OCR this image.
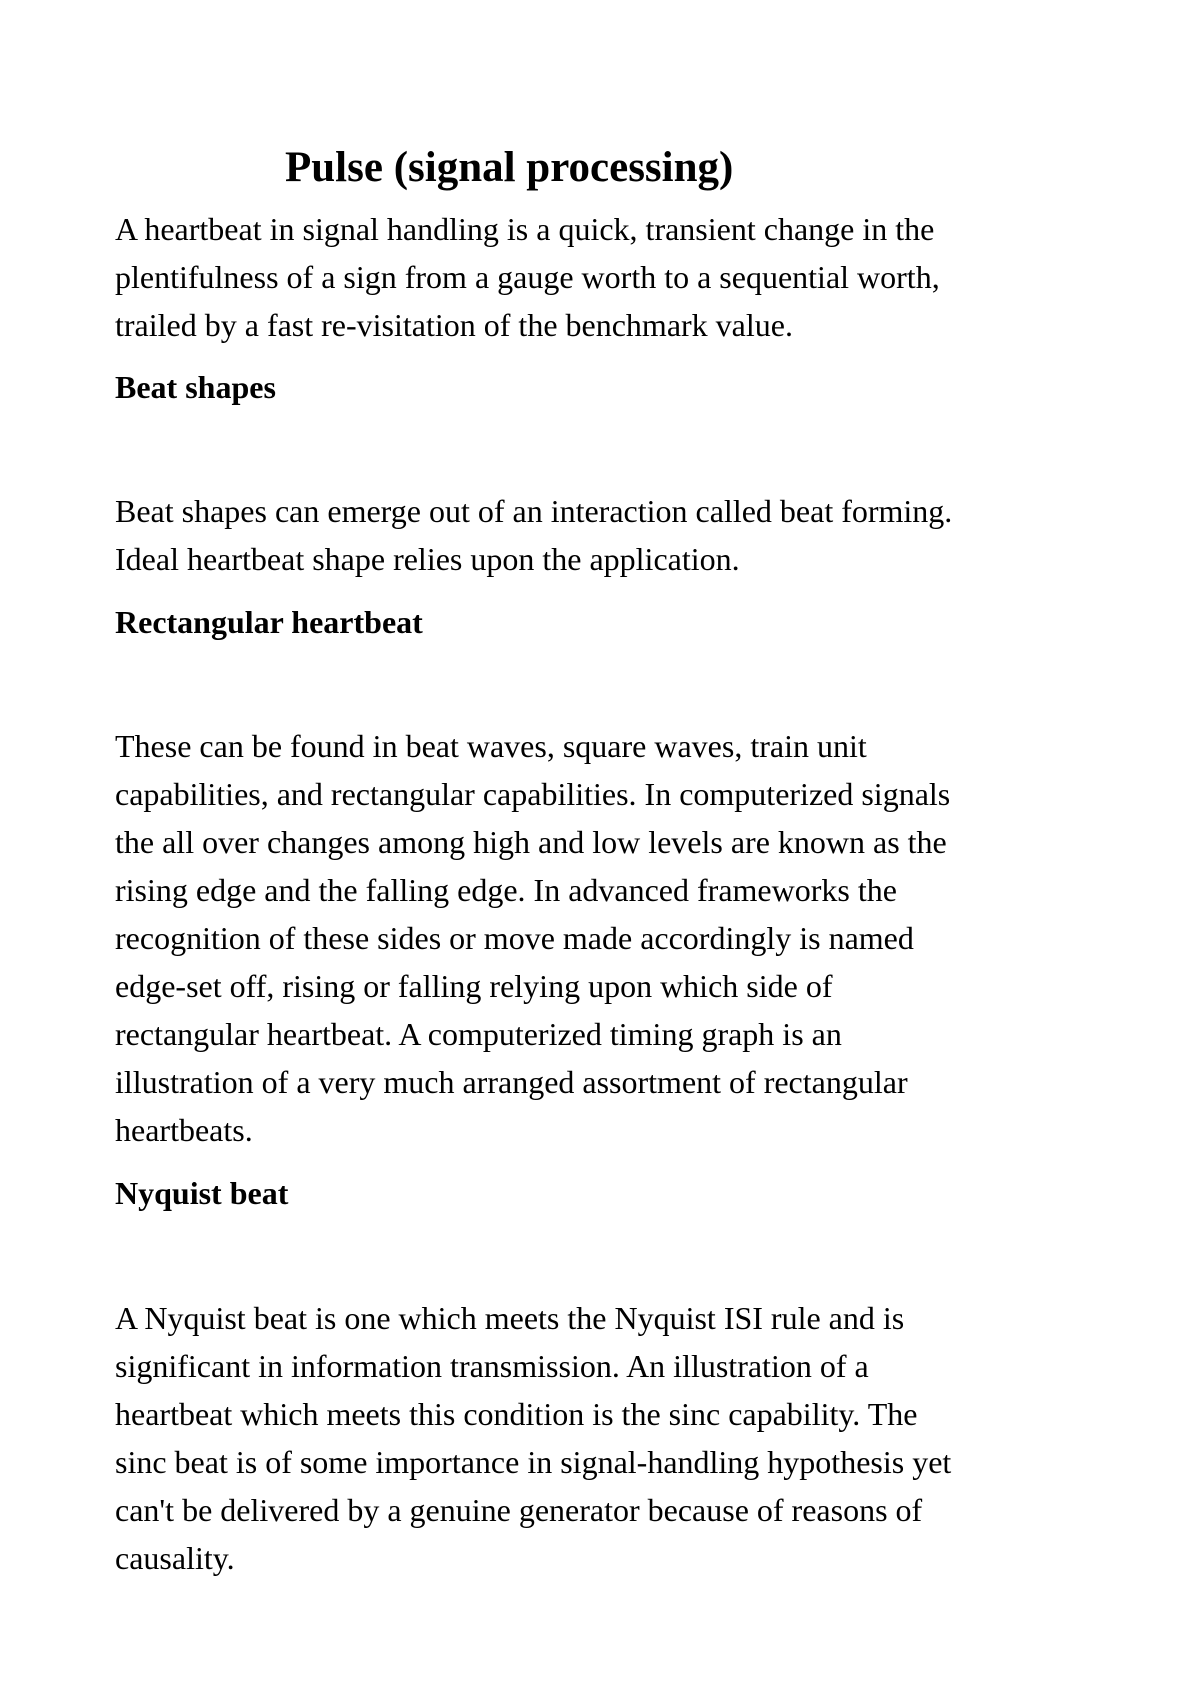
Pulse (signal processing)

A heartbeat in signal handling is a quick, transient change in the
plentifulness of a sign from a gauge worth to a sequential worth,
trailed by a fast re-visitation of the benchmark value.

Beat shapes

Beat shapes can emerge out of an interaction called beat forming.
Ideal heartbeat shape relies upon the application.

Rectangular heartbeat

These can be found in beat waves, square waves, train unit
capabilities, and rectangular capabilities. In computerized signals
the all over changes among high and low levels are known as the
rising edge and the falling edge. In advanced frameworks the
recognition of these sides or move made accordingly is named
edge-set off, rising or falling relying upon which side of
rectangular heartbeat. A computerized timing graph is an
illustration of a very much arranged assortment of rectangular
heartbeats.

Nyquist beat

A Nyquist beat is one which meets the Nyquist ISI rule and is
significant in information transmission. An illustration of a
heartbeat which meets this condition is the sinc capability. The
sinc beat is of some importance in signal-handling hypothesis yet
can't be delivered by a genuine generator because of reasons of
causality.
